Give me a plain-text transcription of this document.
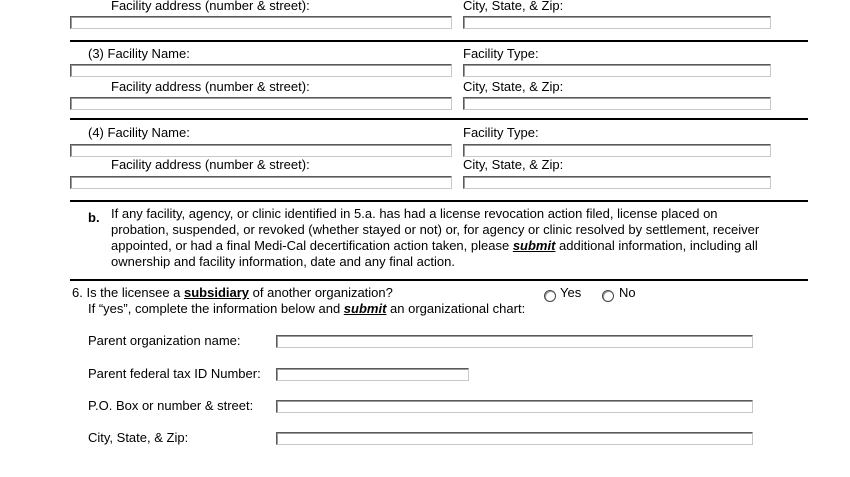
Facility address (number & street):	City, State, & Zip:
(3) Facility Name:	Facility Type:
Facility address (number & street):	City, State, & Zip:
(4) Facility Name:	Facility Type:
Facility address (number & street):	City, State, & Zip:
b. If any facility, agency, or clinic identified in 5.a. has had a license revocation action filed, license placed on
probation, suspended, or revoked (whether stayed or not) or, for agency or clinic resolved by settlement, receiver
appointed, or had a final Medi-Cal decertification action taken, please submit additional information, including all
ownership and facility information, date and any final action.
6. Is the licensee a subsidiary of another organization?	Yes	No
If “yes”, complete the information below and submit an organizational chart:
Parent organization name:
Parent federal tax ID Number:
P.O. Box or number & street:
City, State, & Zip:
